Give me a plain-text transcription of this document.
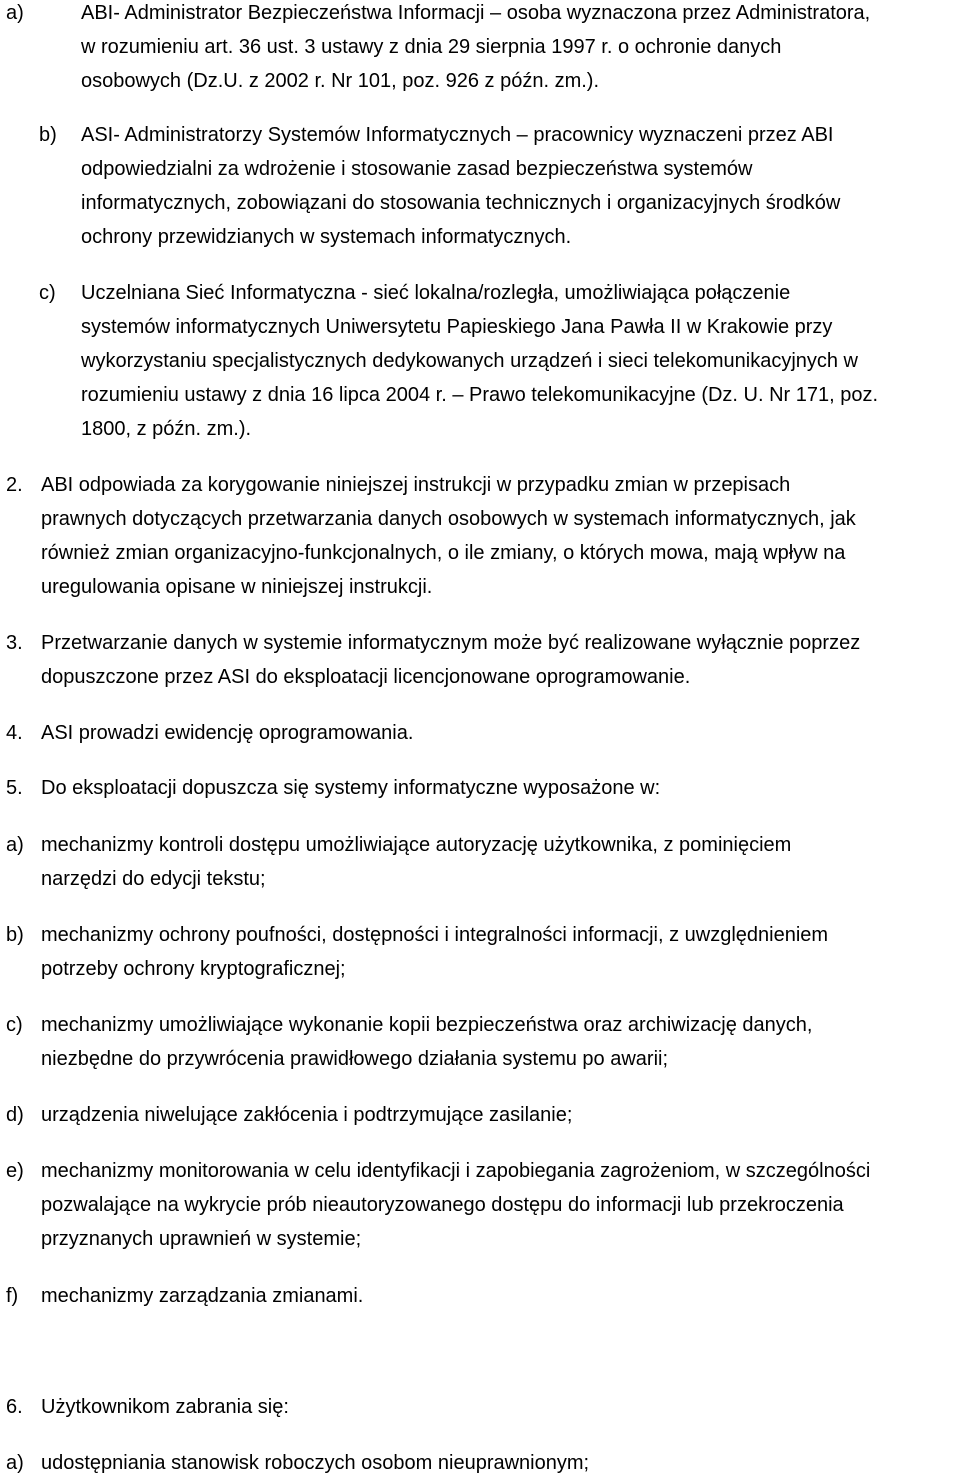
a)	ABI- Administrator Bezpieczeństwa Informacji – osoba wyznaczona przez Administratora,
w rozumieniu art. 36 ust. 3 ustawy z dnia 29 sierpnia 1997 r. o ochronie danych
osobowych (Dz.U. z 2002 r. Nr 101, poz. 926 z późn. zm.).
b) ASI- Administratorzy Systemów Informatycznych – pracownicy wyznaczeni przez ABI
odpowiedzialni za wdrożenie i stosowanie zasad bezpieczeństwa systemów
informatycznych, zobowiązani do stosowania technicznych i organizacyjnych środków
ochrony przewidzianych w systemach informatycznych.
c) Uczelniana Sieć Informatyczna - sieć lokalna/rozległa, umożliwiająca połączenie
systemów informatycznych Uniwersytetu Papieskiego Jana Pawła II w Krakowie przy
wykorzystaniu specjalistycznych dedykowanych urządzeń i sieci telekomunikacyjnych w
rozumieniu ustawy z dnia 16 lipca 2004 r. – Prawo telekomunikacyjne (Dz. U. Nr 171, poz.
1800, z późn. zm.).
2. ABI odpowiada za korygowanie niniejszej instrukcji w przypadku zmian w przepisach
prawnych dotyczących przetwarzania danych osobowych w systemach informatycznych, jak
również zmian organizacyjno-funkcjonalnych, o ile zmiany, o których mowa, mają wpływ na
uregulowania opisane w niniejszej instrukcji.
3. Przetwarzanie danych w systemie informatycznym może być realizowane wyłącznie poprzez
dopuszczone przez ASI do eksploatacji licencjonowane oprogramowanie.
4. ASI prowadzi ewidencję oprogramowania.
5. Do eksploatacji dopuszcza się systemy informatyczne wyposażone w:
a) mechanizmy kontroli dostępu umożliwiające autoryzację użytkownika, z pominięciem
narzędzi do edycji tekstu;
b) mechanizmy ochrony poufności, dostępności i integralności informacji, z uwzględnieniem
potrzeby ochrony kryptograficznej;
c) mechanizmy umożliwiające wykonanie kopii bezpieczeństwa oraz archiwizację danych,
niezbędne do przywrócenia prawidłowego działania systemu po awarii;
d) urządzenia niwelujące zakłócenia i podtrzymujące zasilanie;
e) mechanizmy monitorowania w celu identyfikacji i zapobiegania zagrożeniom, w szczególności
pozwalające na wykrycie prób nieautoryzowanego dostępu do informacji lub przekroczenia
przyznanych uprawnień w systemie;
f) mechanizmy zarządzania zmianami.
6. Użytkownikom zabrania się:
a) udostępniania stanowisk roboczych osobom nieuprawnionym;
